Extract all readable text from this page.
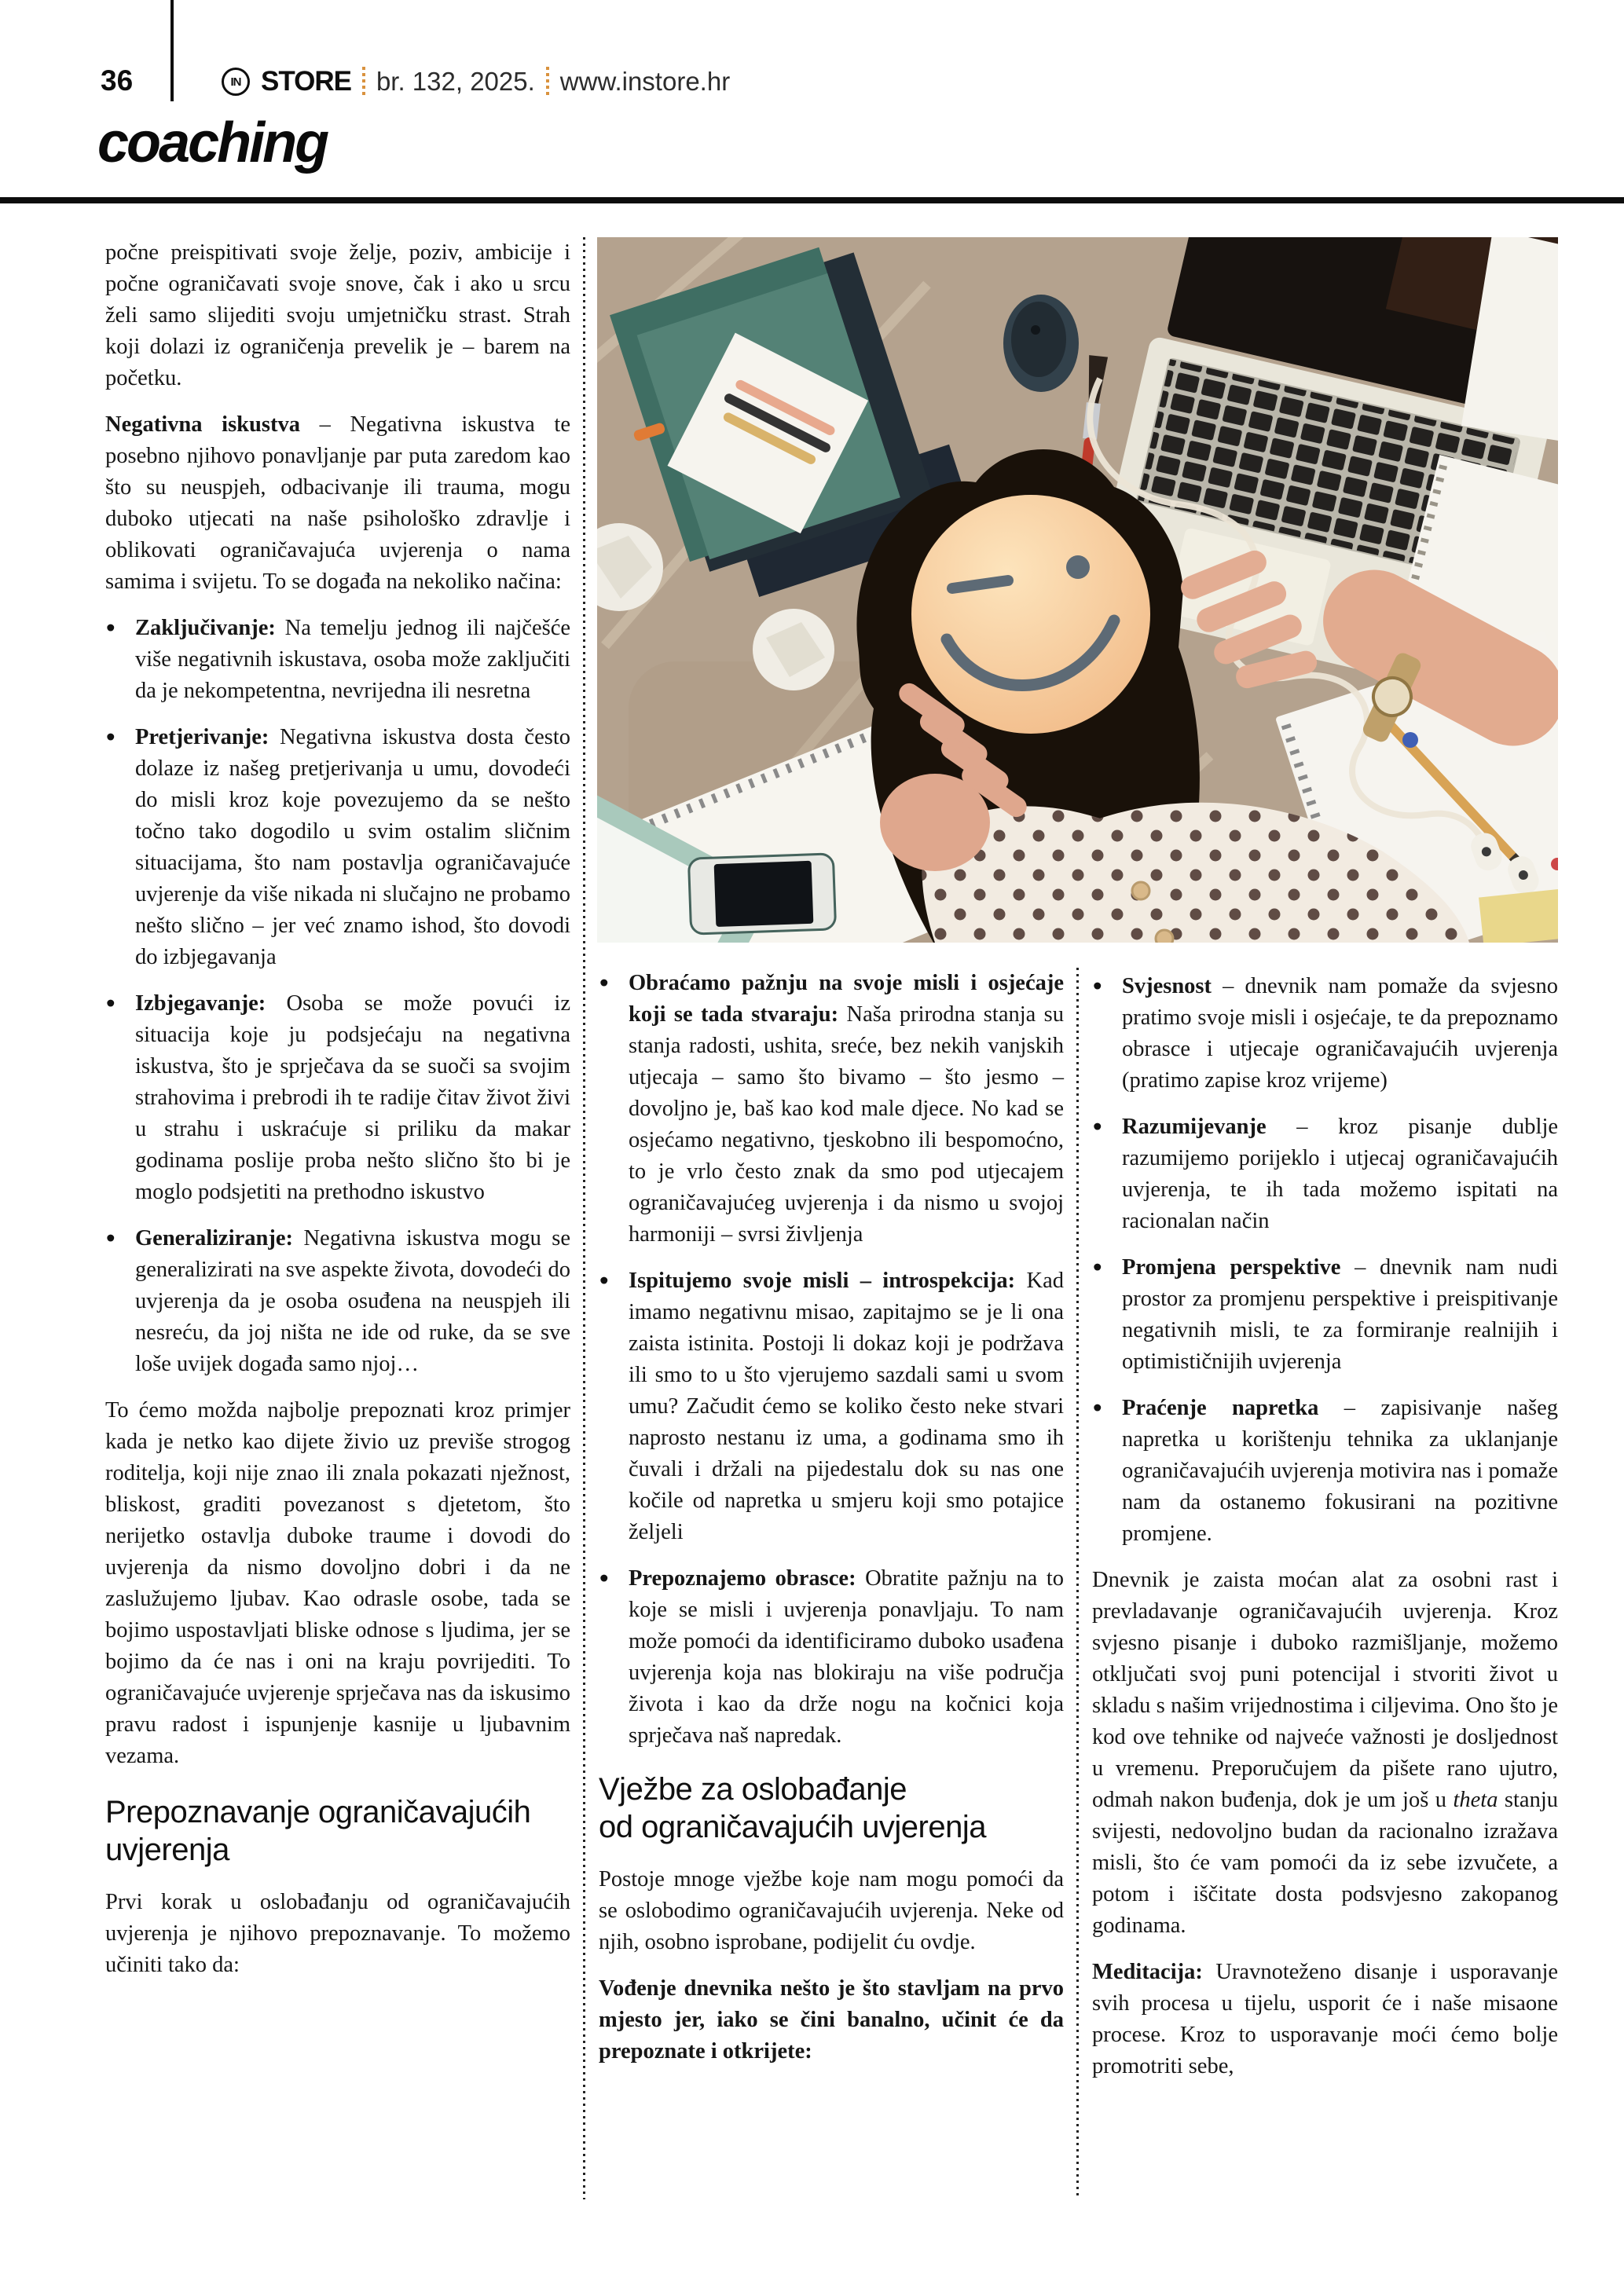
36	IN STORE br. 132, 2025. www.instore.hr
coaching

počne preispitivati svoje želje, poziv, ambicije i počne ograničavati svoje snove, čak i ako u srcu želi samo slijediti svoju umjetničku strast. Strah koji dolazi iz ograničenja prevelik je – barem na početku.

Negativna iskustva – Negativna iskustva te posebno njihovo ponavljanje par puta zaredom kao što su neuspjeh, odbacivanje ili trauma, mogu duboko utjecati na naše psihološko zdravlje i oblikovati ograničavajuća uvjerenja o nama samima i svijetu. To se događa na nekoliko načina:

• Zaključivanje: Na temelju jednog ili najčešće više negativnih iskustava, osoba može zaključiti da je nekompetentna, nevrijedna ili nesretna
• Pretjerivanje: Negativna iskustva dosta često dolaze iz našeg pretjerivanja u umu, dovodeći do misli kroz koje povezujemo da se nešto točno tako dogodilo u svim ostalim sličnim situacijama, što nam postavlja ograničavajuće uvjerenje da više nikada ni slučajno ne probamo nešto slično – jer već znamo ishod, što dovodi do izbjegavanja
• Izbjegavanje: Osoba se može povući iz situacija koje ju podsjećaju na negativna iskustva, što je sprječava da se suoči sa svojim strahovima i prebrodi ih te radije čitav život živi u strahu i uskraćuje si priliku da makar godinama poslije proba nešto slično što bi je moglo podsjetiti na prethodno iskustvo
• Generaliziranje: Negativna iskustva mogu se generalizirati na sve aspekte života, dovodeći do uvjerenja da je osoba osuđena na neuspjeh ili nesreću, da joj ništa ne ide od ruke, da se sve loše uvijek događa samo njoj…

To ćemo možda najbolje prepoznati kroz primjer kada je netko kao dijete živio uz previše strogog roditelja, koji nije znao ili znala pokazati nježnost, bliskost, graditi povezanost s djetetom, što nerijetko ostavlja duboke traume i dovodi do uvjerenja da nismo dovoljno dobri i da ne zaslužujemo ljubav. Kao odrasle osobe, tada se bojimo uspostavljati bliske odnose s ljudima, jer se bojimo da će nas i oni na kraju povrijediti. To ograničavajuće uvjerenje sprječava nas da iskusimo pravu radost i ispunjenje kasnije u ljubavnim vezama.

Prepoznavanje ograničavajućih uvjerenja

Prvi korak u oslobađanju od ograničavajućih uvjerenja je njihovo prepoznavanje. To možemo učiniti tako da:

• Obraćamo pažnju na svoje misli i osjećaje koji se tada stvaraju: Naša prirodna stanja su stanja radosti, ushita, sreće, bez nekih vanjskih utjecaja – samo što bivamo – što jesmo – dovoljno je, baš kao kod male djece. No kad se osjećamo negativno, tjeskobno ili bespomoćno, to je vrlo često znak da smo pod utjecajem ograničavajućeg uvjerenja i da nismo u svojoj harmoniji – svrsi življenja
• Ispitujemo svoje misli – introspekcija: Kad imamo negativnu misao, zapitajmo se je li ona zaista istinita. Postoji li dokaz koji je podržava ili smo to u što vjerujemo sazdali sami u svom umu? Začudit ćemo se koliko često neke stvari naprosto nestanu iz uma, a godinama smo ih čuvali i držali na pijedestalu dok su nas one kočile od napretka u smjeru koji smo potajice željeli
• Prepoznajemo obrasce: Obratite pažnju na to koje se misli i uvjerenja ponavljaju. To nam može pomoći da identificiramo duboko usađena uvjerenja koja nas blokiraju na više područja života i kao da drže nogu na kočnici koja sprječava naš napredak.
Vježbe za oslobađanje
od ograničavajućih uvjerenja

Postoje mnoge vježbe koje nam mogu pomoći da se oslobodimo ograničavajućih uvjerenja. Neke od njih, osobno isprobane, podijelit ću ovdje.

Vođenje dnevnika nešto je što stavljam na prvo mjesto jer, iako se čini banalno, učinit će da prepoznate i otkrijete:

• Svjesnost – dnevnik nam pomaže da svjesno pratimo svoje misli i osjećaje, te da prepoznamo obrasce i utjecaje ograničavajućih uvjerenja (pratimo zapise kroz vrijeme)
• Razumijevanje – kroz pisanje dublje razumijemo porijeklo i utjecaj ograničavajućih uvjerenja, te ih tada možemo ispitati na racionalan način
• Promjena perspektive – dnevnik nam nudi prostor za promjenu perspektive i preispitivanje negativnih misli, te za formiranje realnijih i optimističnijih uvjerenja
• Praćenje napretka – zapisivanje našeg napretka u korištenju tehnika za uklanjanje ograničavajućih uvjerenja motivira nas i pomaže nam da ostanemo fokusirani na pozitivne promjene.

Dnevnik je zaista moćan alat za osobni rast i prevladavanje ograničavajućih uvjerenja. Kroz svjesno pisanje i duboko razmišljanje, možemo otključati svoj puni potencijal i stvoriti život u skladu s našim vrijednostima i ciljevima. Ono što je kod ove tehnike od najveće važnosti je dosljednost u vremenu. Preporučujem da pišete rano ujutro, odmah nakon buđenja, dok je um još u theta stanju svijesti, nedovoljno budan da racionalno izražava misli, što će vam pomoći da iz sebe izvučete, a potom i iščitate dosta podsvjesno zakopanog godinama.

Meditacija: Uravnoteženo disanje i usporavanje svih procesa u tijelu, usporit će i naše misaone procese. Kroz to usporavanje moći ćemo bolje promotriti sebe,
